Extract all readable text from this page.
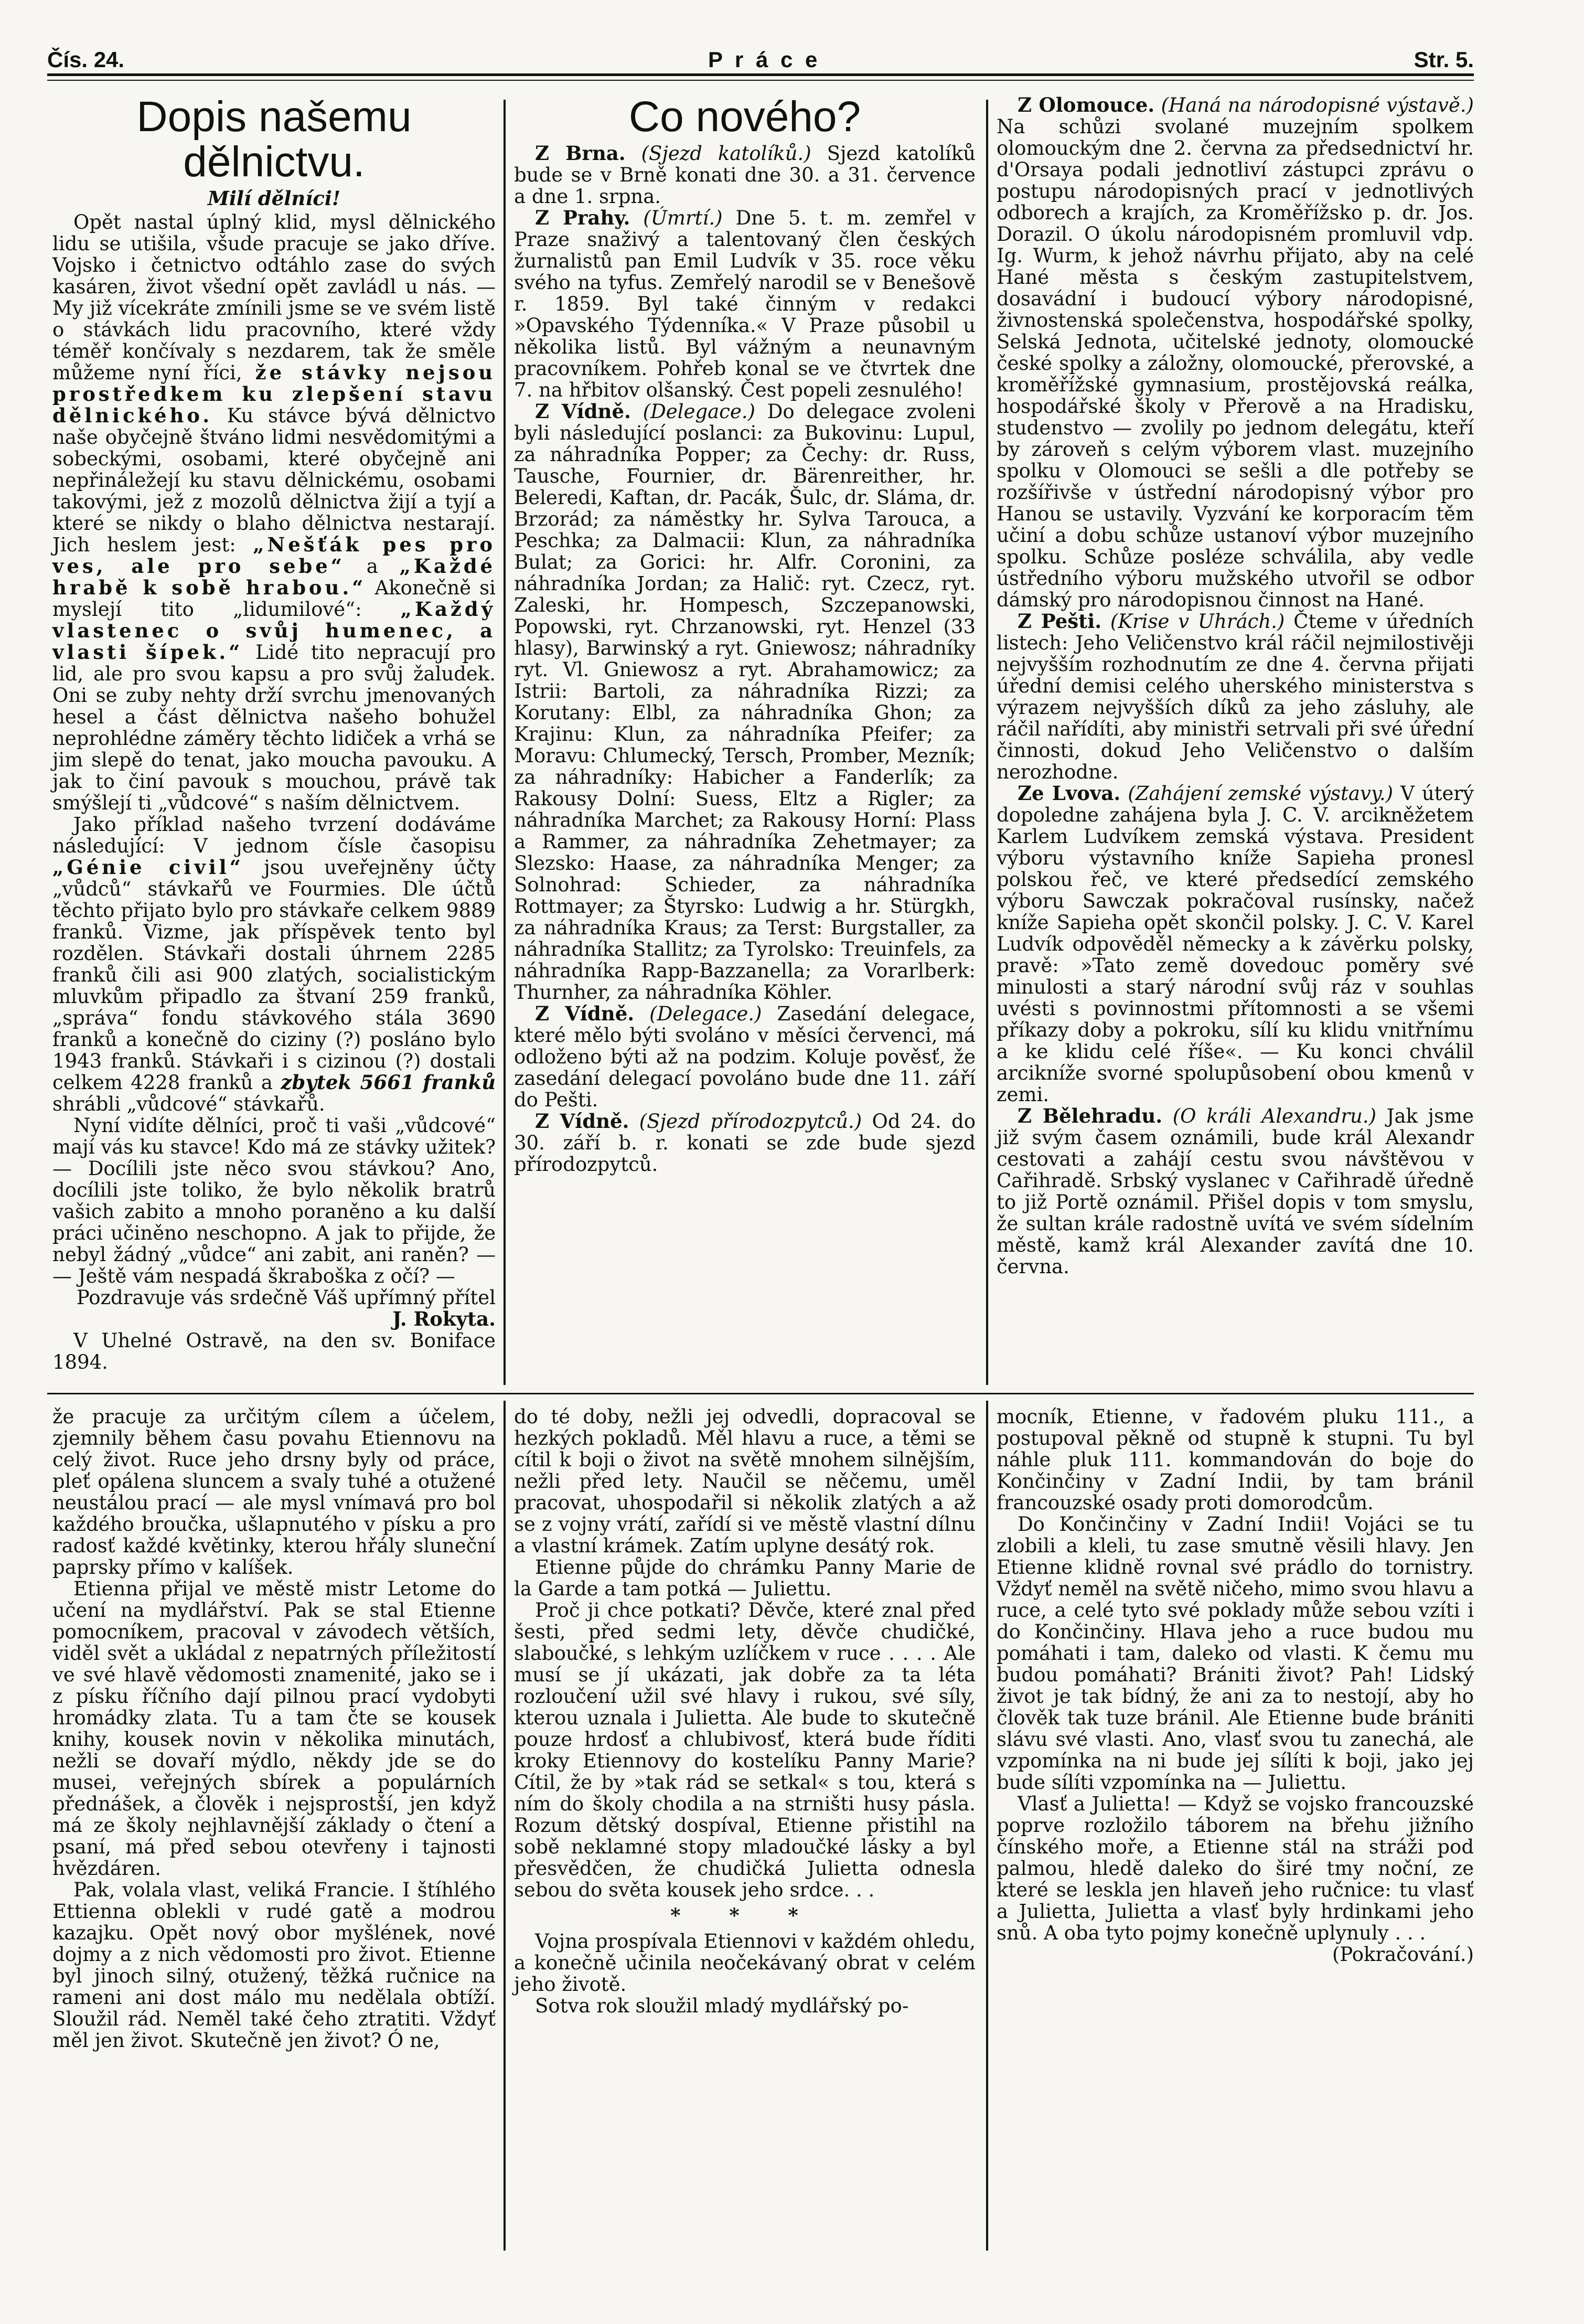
Čís. 24.	P r á c e	Str. 5.
Dopis našemu dělnictvu.
Milí dělníci!

Opět nastal úplný klid, mysl dělnického lidu se utišila, všude pracuje se jako dříve. Vojsko i četnictvo odtáhlo zase do svých kasáren, život všední opět zavládl u nás. — My již vícekráte zmínili jsme se ve svém listě o stávkách lidu pracovního, které vždy téměř končívaly s nezdarem, tak že směle můžeme nyní říci, že stávky nejsou prostředkem ku zlepšení stavu dělnického. Ku stávce bývá dělnictvo naše obyčejně štváno lidmi nesvědomitými a sobeckými, osobami, které obyčejně ani nepřináležejí ku stavu dělnickému, osobami takovými, jež z mozolů dělnictva žijí a tyjí a které se nikdy o blaho dělnictva nestarají. Jich heslem jest: „Nešťák pes pro ves, ale pro sebe“ a „Každé hrabě k sobě hrabou.“ Akonečně si myslejí tito „lidumilové“: „Každý vlastenec o svůj humenec, a vlasti šípek.“ Lidé tito nepracují pro lid, ale pro svou kapsu a pro svůj žaludek. Oni se zuby nehty drží svrchu jmenovaných hesel a část dělnictva našeho bohužel neprohlédne záměry těchto lidiček a vrhá se jim slepě do tenat, jako moucha pavouku. A jak to činí pavouk s mouchou, právě tak smýšlejí ti „vůdcové“ s naším dělnictvem.

Jako příklad našeho tvrzení dodáváme následující: V jednom čísle časopisu „Génie civil“ jsou uveřejněny účty „vůdců“ stávkařů ve Fourmies. Dle účtů těchto přijato bylo pro stávkaře celkem 9889 franků. Vizme, jak příspěvek tento byl rozdělen. Stávkaři dostali úhrnem 2285 franků čili asi 900 zlatých, socialistickým mluvkům připadlo za štvaní 259 franků, „správa“ fondu stávkového stála 3690 franků a konečně do ciziny (?) posláno bylo 1943 franků. Stávkaři i s cizinou (?) dostali celkem 4228 franků a zbytek 5661 franků shrábli „vůdcové“ stávkařů.

Nyní vidíte dělníci, proč ti vaši „vůdcové“ mají vás ku stavce! Kdo má ze stávky užitek? — Docílili jste něco svou stávkou? Ano, docílili jste toliko, že bylo několik bratrů vašich zabito a mnoho poraněno a ku další práci učiněno neschopno. A jak to přijde, že nebyl žádný „vůdce“ ani zabit, ani raněn? — — Ještě vám nespadá škraboška z očí? —

Pozdravuje vás srdečně Váš upřímný přítel
J. Rokyta.

V Uhelné Ostravě, na den sv. Boniface 1894.

Co nového?

Z Brna. (Sjezd katolíků.) Sjezd katolíků bude se v Brně konati dne 30. a 31. července a dne 1. srpna.

Z Prahy. (Úmrtí.) Dne 5. t. m. zemřel v Praze snaživý a talentovaný člen českých žurnalistů pan Emil Ludvík v 35. roce věku svého na tyfus. Zemřelý narodil se v Benešově r. 1859. Byl také činným v redakci »Opavského Týdenníka.« V Praze působil u několika listů. Byl vážným a neunavným pracovníkem. Pohřeb konal se ve čtvrtek dne 7. na hřbitov olšanský. Čest popeli zesnulého!

Z Vídně. (Delegace.) Do delegace zvoleni byli následující poslanci: za Bukovinu: Lupul, za náhradníka Popper; za Čechy: dr. Russ, Tausche, Fournier, dr. Bärenreither, hr. Beleredi, Kaftan, dr. Pacák, Šulc, dr. Sláma, dr. Brzorád; za náměstky hr. Sylva Tarouca, a Peschka; za Dalmacii: Klun, za náhradníka Bulat; za Gorici: hr. Alfr. Coronini, za náhradníka Jordan; za Halič: ryt. Czecz, ryt. Zaleski, hr. Hompesch, Szczepanowski, Popowski, ryt. Chrzanowski, ryt. Henzel (33 hlasy), Barwinský a ryt. Gniewosz; náhradníky ryt. Vl. Gniewosz a ryt. Abrahamowicz; za Istrii: Bartoli, za náhradníka Rizzi; za Korutany: Elbl, za náhradníka Ghon; za Krajinu: Klun, za náhradníka Pfeifer; za Moravu: Chlumecký, Tersch, Promber, Mezník; za náhradníky: Habicher a Fanderlík; za Rakousy Dolní: Suess, Eltz a Rigler; za náhradníka Marchet; za Rakousy Horní: Plass a Rammer, za náhradníka Zehetmayer; za Slezsko: Haase, za náhradníka Menger; za Solnohrad: Schieder, za náhradníka Rottmayer; za Štyrsko: Ludwig a hr. Stürgkh, za náhradníka Kraus; za Terst: Burgstaller, za náhradníka Stallitz; za Tyrolsko: Treuinfels, za náhradníka Rapp-Bazzanella; za Vorarlberk: Thurnher, za náhradníka Köhler.

Z Vídně. (Delegace.) Zasedání delegace, které mělo býti svoláno v měsíci červenci, má odloženo býti až na podzim. Koluje pověsť, že zasedání delegací povoláno bude dne 11. září do Pešti.

Z Vídně. (Sjezd přírodozpytců.) Od 24. do 30. září b. r. konati se zde bude sjezd přírodozpytců.

Z Olomouce. (Haná na národopisné výstavě.) Na schůzi svolané muzejním spolkem olomouckým dne 2. června za předsednictví hr. d'Orsaya podali jednotliví zástupci zprávu o postupu národopisných prací v jednotlivých odborech a krajích, za Kroměřížsko p. dr. Jos. Dorazil. O úkolu národopisném promluvil vdp. Ig. Wurm, k jehož návrhu přijato, aby na celé Hané města s českým zastupitelstvem, dosavádní i budoucí výbory národopisné, živnostenská společenstva, hospodářské spolky, Selská Jednota, učitelské jednoty, olomoucké české spolky a záložny, olomoucké, přerovské, a kroměřížské gymnasium, prostějovská reálka, hospodářské školy v Přerově a na Hradisku, studenstvo — zvolily po jednom delegátu, kteří by zároveň s celým výborem vlast. muzejního spolku v Olomouci se sešli a dle potřeby se rozšířivše v ústřední národopisný výbor pro Hanou se ustavily. Vyzvání ke korporacím těm učiní a dobu schůze ustanoví výbor muzejního spolku. Schůze posléze schválila, aby vedle ústředního výboru mužského utvořil se odbor dámský pro národopisnou činnost na Hané.

Z Pešti. (Krise v Uhrách.) Čteme v úředních listech: Jeho Veličenstvo král ráčil nejmilostivěji nejvyšším rozhodnutím ze dne 4. června přijati úřední demisi celého uherského ministerstva s výrazem nejvyšších díků za jeho zásluhy, ale ráčil nařídíti, aby ministři setrvali při své úřední činnosti, dokud Jeho Veličenstvo o dalším nerozhodne.

Ze Lvova. (Zahájení zemské výstavy.) V úterý dopoledne zahájena byla J. C. V. arcikněžetem Karlem Ludvíkem zemská výstava. President výboru výstavního kníže Sapieha pronesl polskou řeč, ve které předsedící zemského výboru Sawczak pokračoval rusínsky, načež kníže Sapieha opět skončil polsky. J. C. V. Karel Ludvík odpověděl německy a k závěrku polsky, pravě: »Tato země dovedouc poměry své minulosti a starý národní svůj ráz v souhlas uvésti s povinnostmi přítomnosti a se všemi příkazy doby a pokroku, sílí ku klidu vnitřnímu a ke klidu celé říše«. — Ku konci chválil arcikníže svorné spolupůsobení obou kmenů v zemi.

Z Bělehradu. (O králi Alexandru.) Jak jsme již svým časem oznámili, bude král Alexandr cestovati a zahájí cestu svou návštěvou v Cařihradě. Srbský vyslanec v Cařihradě úředně to již Portě oznámil. Přišel dopis v tom smyslu, že sultan krále radostně uvítá ve svém sídelním městě, kamž král Alexander zavítá dne 10. června.

že pracuje za určitým cílem a účelem, zjemnily během času povahu Etiennovu na celý život. Ruce jeho drsny byly od práce, pleť opálena sluncem a svaly tuhé a otužené neustálou prací — ale mysl vnímavá pro bol každého broučka, ušlapnutého v písku a pro radosť každé květinky, kterou hřály sluneční paprsky přímo v kalíšek.

Etienna přijal ve městě mistr Letome do učení na mydlářství. Pak se stal Etienne pomocníkem, pracoval v závodech větších, viděl svět a ukládal z nepatrných příležitostí ve své hlavě vědomosti znamenité, jako se i z písku říčního dají pilnou prací vydobyti hromádky zlata. Tu a tam čte se kousek knihy, kousek novin v několika minutách, nežli se dovaří mýdlo, někdy jde se do musei, veřejných sbírek a populárních přednášek, a člověk i nejsprostší, jen když má ze školy nejhlavnější základy o čtení a psaní, má před sebou otevřeny i tajnosti hvězdáren.

Pak, volala vlast, veliká Francie. I štíhlého Ettienna oblekli v rudé gatě a modrou kazajku. Opět nový obor myšlének, nové dojmy a z nich vědomosti pro život. Etienne byl jinoch silný, otužený, těžká ručnice na rameni ani dost málo mu nedělala obtíží. Sloužil rád. Neměl také čeho ztratiti. Vždyť měl jen život. Skutečně jen život? Ó ne,

do té doby, nežli jej odvedli, dopracoval se hezkých pokladů. Měl hlavu a ruce, a těmi se cítil k boji o život na světě mnohem silnějším, nežli před lety. Naučil se něčemu, uměl pracovat, uhospodařil si několik zlatých a až se z vojny vrátí, zařídí si ve městě vlastní dílnu a vlastní krámek. Zatím uplyne desátý rok.

Etienne půjde do chrámku Panny Marie de la Garde a tam potká — Juliettu.

Proč ji chce potkati? Děvče, které znal před šesti, před sedmi lety, děvče chudičké, slaboučké, s lehkým uzlíčkem v ruce . . . . Ale musí se jí ukázati, jak dobře za ta léta rozloučení užil své hlavy i rukou, své síly, kterou uznala i Julietta. Ale bude to skutečně pouze hrdosť a chlubivosť, která bude říditi kroky Etiennovy do kostelíku Panny Marie? Cítil, že by »tak rád se setkal« s tou, která s ním do školy chodila a na strništi husy pásla. Rozum dětský dospíval, Etienne přistihl na sobě neklamné stopy mladoučké lásky a byl přesvědčen, že chudičká Julietta odnesla sebou do světa kousek jeho srdce. . .

* * *

Vojna prospívala Etiennovi v každém ohledu, a konečně učinila neočekávaný obrat v celém jeho životě.

Sotva rok sloužil mladý mydlářský po-

mocník, Etienne, v řadovém pluku 111., a postupoval pěkně od stupně k stupni. Tu byl náhle pluk 111. kommandován do boje do Končinčiny v Zadní Indii, by tam bránil francouzské osady proti domorodcům.

Do Končinčiny v Zadní Indii! Vojáci se tu zlobili a kleli, tu zase smutně věsili hlavy. Jen Etienne klidně rovnal své prádlo do tornistry. Vždyť neměl na světě ničeho, mimo svou hlavu a ruce, a celé tyto své poklady může sebou vzíti i do Končinčiny. Hlava jeho a ruce budou mu pomáhati i tam, daleko od vlasti. K čemu mu budou pomáhati? Brániti život? Pah! Lidský život je tak bídný, že ani za to nestojí, aby ho člověk tak tuze bránil. Ale Etienne bude brániti slávu své vlasti. Ano, vlasť svou tu zanechá, ale vzpomínka na ni bude jej sílíti k boji, jako jej bude sílíti vzpomínka na — Juliettu.

Vlasť a Julietta! — Když se vojsko francouzské poprve rozložilo táborem na břehu jižního čínského moře, a Etienne stál na stráži pod palmou, hledě daleko do širé tmy noční, ze které se leskla jen hlaveň jeho ručnice: tu vlasť a Julietta, Julietta a vlasť byly hrdinkami jeho snů. A oba tyto pojmy konečně uplynuly . . .

(Pokračování.)
